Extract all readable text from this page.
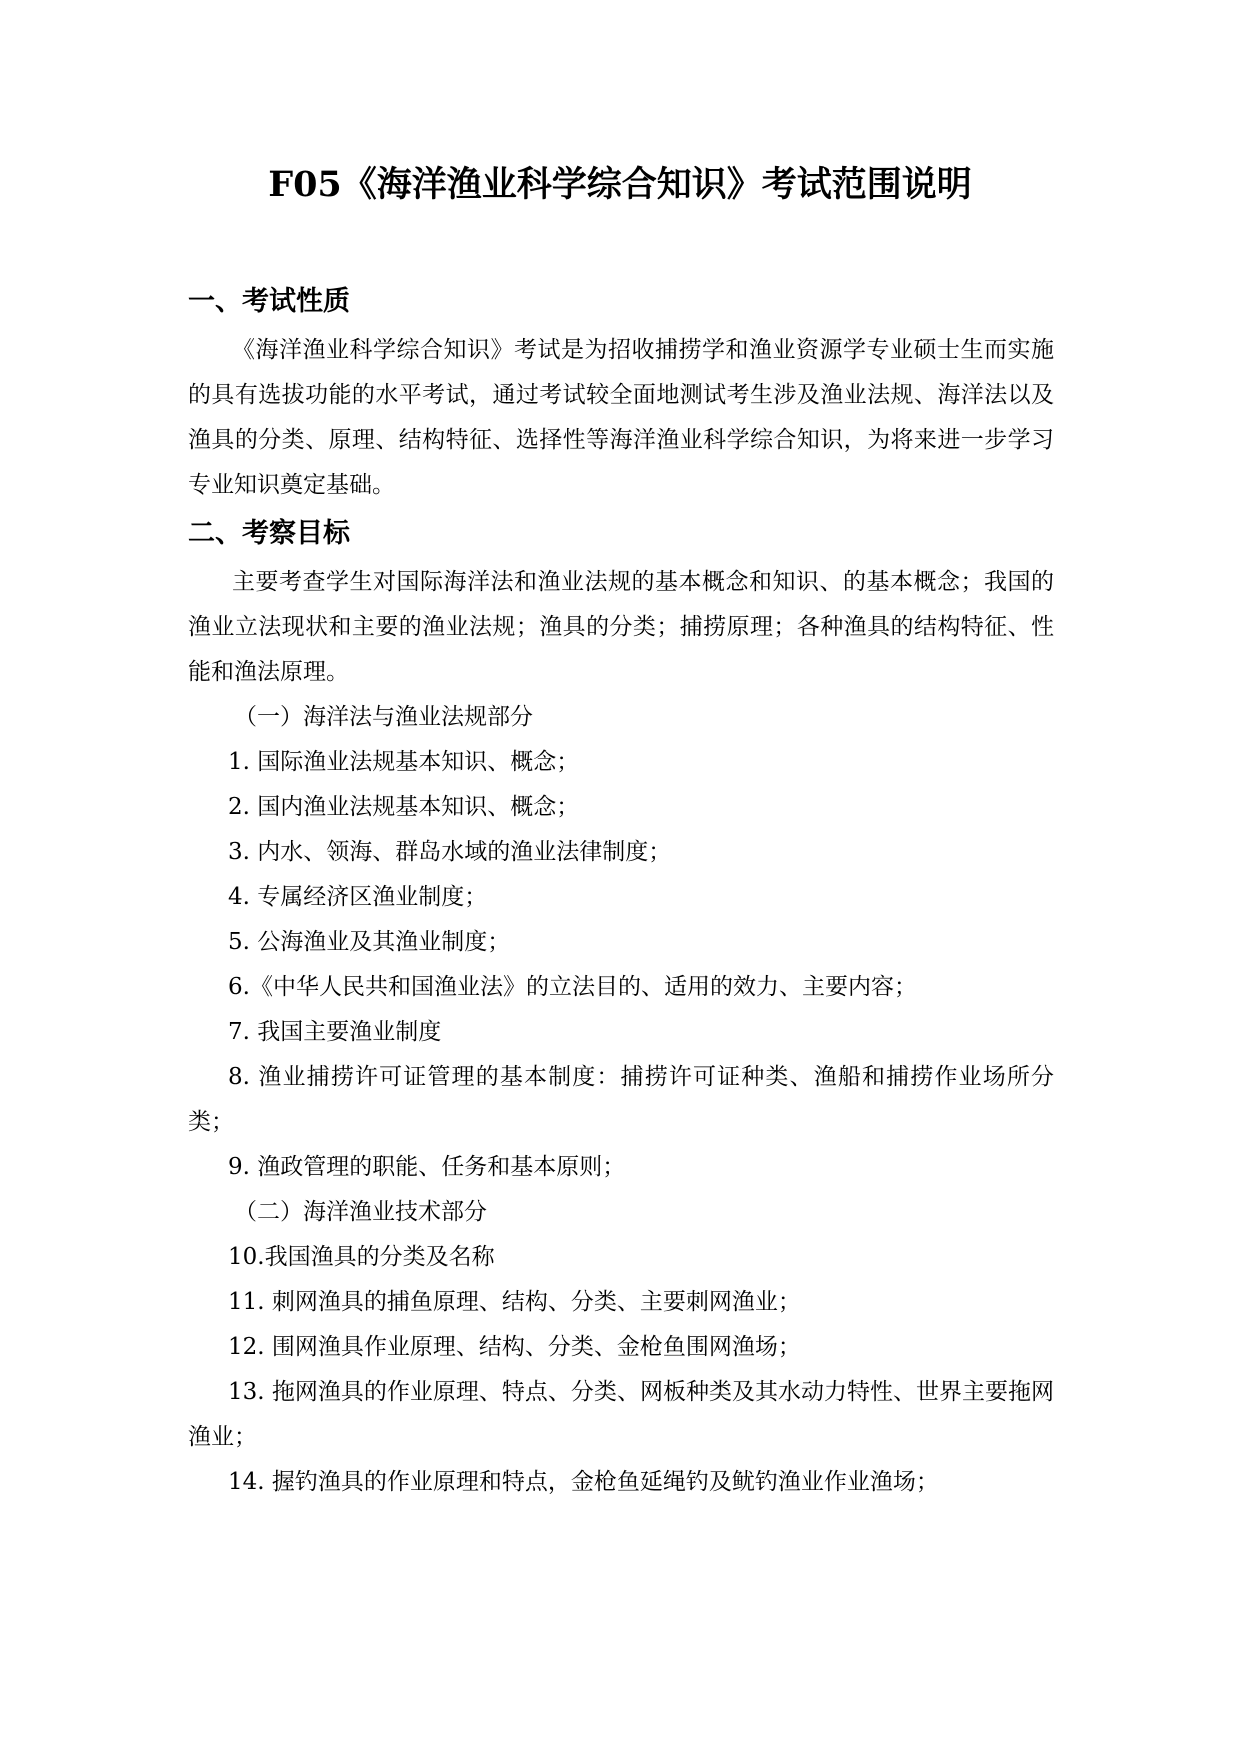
F05《海洋渔业科学综合知识》考试范围说明
一、考试性质

《海洋渔业科学综合知识》考试是为招收捕捞学和渔业资源学专业硕士生而实施的具有选拔功能的水平考试，通过考试较全面地测试考生涉及渔业法规、海洋法以及渔具的分类、原理、结构特征、选择性等海洋渔业科学综合知识，为将来进一步学习专业知识奠定基础。

二、考察目标

主要考查学生对国际海洋法和渔业法规的基本概念和知识、的基本概念；我国的渔业立法现状和主要的渔业法规；渔具的分类；捕捞原理；各种渔具的结构特征、性能和渔法原理。

（一）海洋法与渔业法规部分

1. 国际渔业法规基本知识、概念；

2. 国内渔业法规基本知识、概念；

3. 内水、领海、群岛水域的渔业法律制度；

4. 专属经济区渔业制度；

5. 公海渔业及其渔业制度；

6.《中华人民共和国渔业法》的立法目的、适用的效力、主要内容；

7. 我国主要渔业制度

8. 渔业捕捞许可证管理的基本制度：捕捞许可证种类、渔船和捕捞作业场所分类；

9. 渔政管理的职能、任务和基本原则；

（二）海洋渔业技术部分

10.我国渔具的分类及名称

11. 刺网渔具的捕鱼原理、结构、分类、主要刺网渔业；

12. 围网渔具作业原理、结构、分类、金枪鱼围网渔场；

13. 拖网渔具的作业原理、特点、分类、网板种类及其水动力特性、世界主要拖网渔业；

14. 握钓渔具的作业原理和特点，金枪鱼延绳钓及鱿钓渔业作业渔场；
